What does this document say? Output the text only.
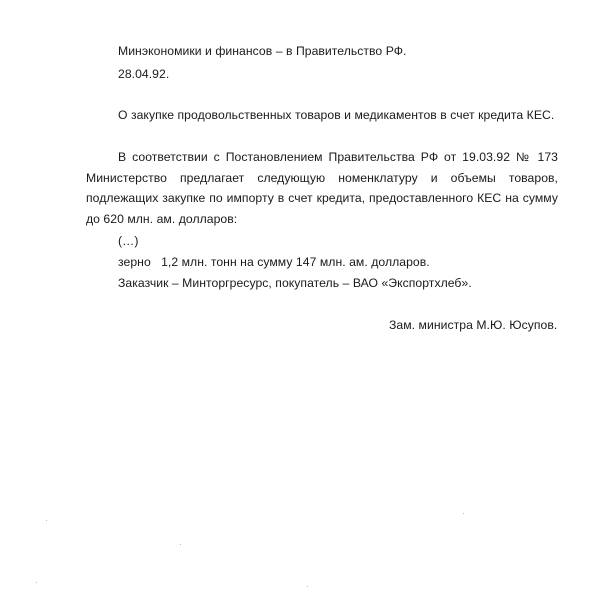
Минэкономики и финансов – в Правительство РФ.
28.04.92.
О закупке продовольственных товаров и медикаментов в счет кредита КЕС.
В соответствии с Постановлением Правительства РФ от 19.03.92 № 173 Министерство предлагает следующую номенклатуру и объемы товаров, подлежащих закупке по импорту в счет кредита, предоставленного КЕС на сумму до 620 млн. ам. долларов:
(…)
зерно   1,2 млн. тонн на сумму 147 млн. ам. долларов.
Заказчик – Минторгресурс, покупатель – ВАО «Экспортхлеб».
Зам. министра М.Ю. Юсупов.
